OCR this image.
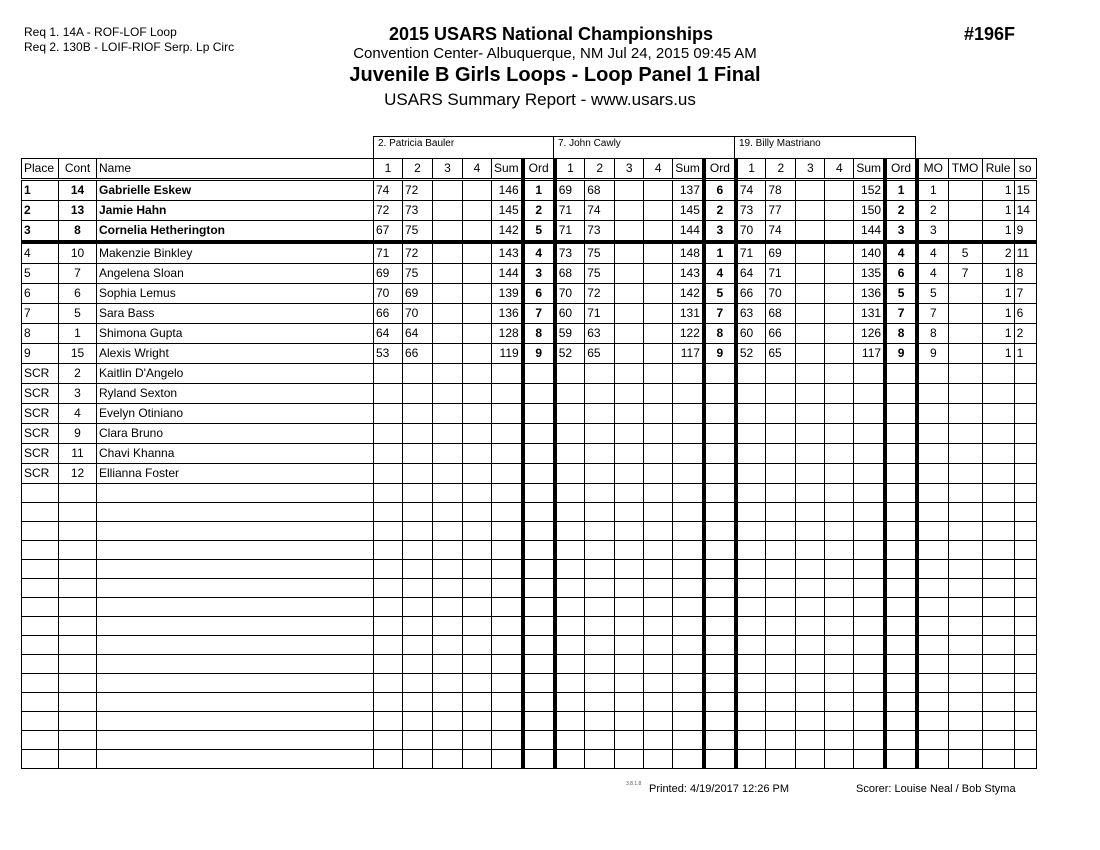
Req 1. 14A - ROF-LOF Loop
Req 2. 130B - LOIF-RIOF Serp. Lp Circ
2015 USARS National Championships
Convention Center- Albuquerque, NM Jul 24, 2015 09:45 AM
Juvenile B Girls Loops - Loop Panel 1 Final
USARS Summary Report - www.usars.us
#196F
2. Patricia Bauler	7. John Cawly	19. Billy Mastriano
Place	Cont	Name	1	2	3	4	Sum	Ord	1	2	3	4	Sum	Ord	1	2	3	4	Sum	Ord	MO	TMO	Rule	so
1	14	Gabrielle Eskew	74	72			146	1	69	68			137	6	74	78			152	1	1		1	15
2	13	Jamie Hahn	72	73			145	2	71	74			145	2	73	77			150	2	2		1	14
3	8	Cornelia Hetherington	67	75			142	5	71	73			144	3	70	74			144	3	3		1	9
4	10	Makenzie Binkley	71	72			143	4	73	75			148	1	71	69			140	4	4	5	2	11
5	7	Angelena Sloan	69	75			144	3	68	75			143	4	64	71			135	6	4	7	1	8
6	6	Sophia Lemus	70	69			139	6	70	72			142	5	66	70			136	5	5		1	7
7	5	Sara Bass	66	70			136	7	60	71			131	7	63	68			131	7	7		1	6
8	1	Shimona Gupta	64	64			128	8	59	63			122	8	60	66			126	8	8		1	2
9	15	Alexis Wright	53	66			119	9	52	65			117	9	52	65			117	9	9		1	1
SCR	2	Kaitlin D'Angelo																						
SCR	3	Ryland Sexton																						
SCR	4	Evelyn Otiniano																						
SCR	9	Clara Bruno																						
SCR	11	Chavi Khanna																						
SCR	12	Ellianna Foster																						

3.8.1.8 Printed: 4/19/2017 12:26 PM	Scorer: Louise Neal / Bob Styma
